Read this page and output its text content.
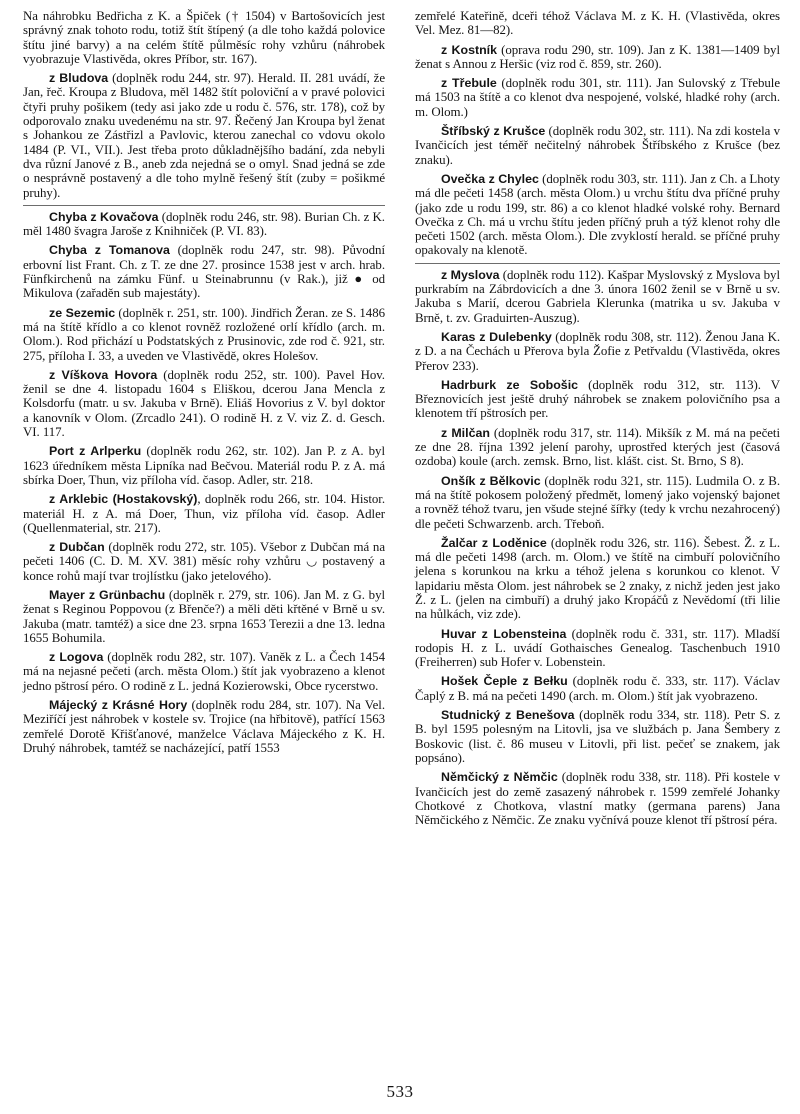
Na náhrobku Bedřicha z K. a Špiček († 1504) v Bartošovicích jest správný znak tohoto rodu, totiž štít štípený (a dle toho každá polovice štítu jiné barvy) a na celém štítě půlměsíc rohy vzhůru (náhrobek vyobrazuje Vlastivěda, okres Příbor, str. 167).

z Bludova (doplněk rodu 244, str. 97). Herald. II. 281 uvádí, že Jan, řeč. Kroupa z Bludova, měl 1482 štít poloviční a v pravé polovici čtyři pruhy pošikem (tedy asi jako zde u rodu č. 576, str. 178), což by odporovalo znaku uvedenému na str. 97. Řečený Jan Kroupa byl ženat s Johankou ze Zástřizl a Pavlovic, kterou zanechal co vdovu okolo 1484 (P. VI., VII.). Jest třeba proto důkladnějšího badání, zda nebyli dva různí Janové z B., aneb zda nejedná se o omyl. Snad jedná se zde o nesprávně postavený a dle toho mylně řešený štít (zuby = pošikmé pruhy).

Chyba z Kovačova (doplněk rodu 246, str. 98). Burian Ch. z K. měl 1480 švagra Jaroše z Knihniček (P. VI. 83).

Chyba z Tomanova (doplněk rodu 247, str. 98). Původní erbovní list Frant. Ch. z T. ze dne 27. prosince 1538 jest v arch. hrab. Fünfkirchenů na zámku Fünf. u Steinabrunnu (v Rak.), již ● od Mikulova (zařaděn sub majestáty).

ze Sezemic (doplněk r. 251, str. 100). Jindřich Žeran. ze S. 1486 má na štítě křídlo a co klenot rovněž rozložené orlí křídlo (arch. m. Olom.). Rod přichází u Podstatských z Prusinovic, zde rod č. 921, str. 275, příloha I. 33, a uveden ve Vlastivědě, okres Holešov.

z Víškova Hovora (doplněk rodu 252, str. 100). Pavel Hov. ženil se dne 4. listopadu 1604 s Eliškou, dcerou Jana Mencla z Kolsdorfu (matr. u sv. Jakuba v Brně). Eliáš Hovorius z V. byl doktor a kanovník v Olom. (Zrcadlo 241). O rodině H. z V. viz Z. d. Gesch. VI. 117.

Port z Arlperku (doplněk rodu 262, str. 102). Jan P. z A. byl 1623 úředníkem města Lipníka nad Bečvou. Materiál rodu P. z A. má sbírka Doer, Thun, viz příloha víd. časop. Adler, str. 218.

z Arklebic (Hostakovský), doplněk rodu 266, str. 104. Histor. materiál H. z A. má Doer, Thun, viz příloha víd. časop. Adler (Quellenmaterial, str. 217).

z Dubčan (doplněk rodu 272, str. 105). Všebor z Dubčan má na pečeti 1406 (C. D. M. XV. 381) měsíc rohy vzhůru ◡ postavený a konce rohů mají tvar trojlístku (jako jetelového).

Mayer z Grünbachu (doplněk r. 279, str. 106). Jan M. z G. byl ženat s Reginou Poppovou (z Břenče?) a měli děti křtěné v Brně u sv. Jakuba (matr. tamtéž) a sice dne 23. srpna 1653 Terezii a dne 13. ledna 1655 Bohumila.

z Logova (doplněk rodu 282, str. 107). Vaněk z L. a Čech 1454 má na nejasné pečeti (arch. města Olom.) štít jak vyobrazeno a klenot jedno pštrosí péro. O rodině z L. jedná Kozierowski, Obce rycerstwo.

Májecký z Krásné Hory (doplněk rodu 284, str. 107). Na Vel. Meziříčí jest náhrobek v kostele sv. Trojice (na hřbitově), patřící 1563 zemřelé Dorotě Křišťanové, manželce Václava Májeckého z K. H. Druhý náhrobek, tamtéž se nacházející, patří 1553

zemřelé Kateřině, dceři téhož Václava M. z K. H. (Vlastivěda, okres Vel. Mez. 81—82).

z Kostník (oprava rodu 290, str. 109). Jan z K. 1381—1409 byl ženat s Annou z Heršic (viz rod č. 859, str. 260).

z Třebule (doplněk rodu 301, str. 111). Jan Sulovský z Třebule má 1503 na štítě a co klenot dva nespojené, volské, hladké rohy (arch. m. Olom.)

Štříbský z Krušce (doplněk rodu 302, str. 111). Na zdi kostela v Ivančicích jest téměř nečitelný náhrobek Štříbského z Krušce (bez znaku).

Ovečka z Chylec (doplněk rodu 303, str. 111). Jan z Ch. a Lhoty má dle pečeti 1458 (arch. města Olom.) u vrchu štítu dva příčné pruhy (jako zde u rodu 199, str. 86) a co klenot hladké volské rohy. Bernard Ovečka z Ch. má u vrchu štítu jeden příčný pruh a týž klenot rohy dle pečeti 1502 (arch. města Olom.). Dle zvyklostí herald. se příčné pruhy opakovaly na klenotě.

z Myslova (doplněk rodu 112). Kašpar Myslovský z Myslova byl purkrabím na Zábrdovicích a dne 3. února 1602 ženil se v Brně u sv. Jakuba s Marií, dcerou Gabriela Klerunka (matrika u sv. Jakuba v Brně, t. zv. Graduirten-Auszug).

Karas z Dulebenky (doplněk rodu 308, str. 112). Ženou Jana K. z D. a na Čechách u Přerova byla Žofie z Petřvaldu (Vlastivěda, okres Přerov 233).

Hadrburk ze Sobošic (doplněk rodu 312, str. 113). V Březnovicích jest ještě druhý náhrobek se znakem polovičního psa a klenotem tří pštrosích per.

z Milčan (doplněk rodu 317, str. 114). Mikšík z M. má na pečeti ze dne 28. října 1392 jelení parohy, uprostřed kterých jest (časová ozdoba) koule (arch. zemsk. Brno, list. klášt. cist. St. Brno, S 8).

Onšík z Bělkovic (doplněk rodu 321, str. 115). Ludmila O. z B. má na štítě pokosem položený předmět, lomený jako vojenský bajonet a rovněž téhož tvaru, jen všude stejné šířky (tedy k vrchu nezahrocený) dle pečeti Schwarzenb. arch. Třeboň.

Žalčar z Loděnice (doplněk rodu 326, str. 116). Šebest. Ž. z L. má dle pečeti 1498 (arch. m. Olom.) ve štítě na cimbuří polovičního jelena s korunkou na krku a téhož jelena s korunkou co klenot. V lapidariu města Olom. jest náhrobek se 2 znaky, z nichž jeden jest jako Ž. z L. (jelen na cimbuří) a druhý jako Kropáčů z Nevědomí (tři lilie na hůlkách, viz zde).

Huvar z Lobensteina (doplněk rodu č. 331, str. 117). Mladší rodopis H. z L. uvádí Gothaisches Genealog. Taschenbuch 1910 (Freiherren) sub Hofer v. Lobenstein.

Hošek Čeple z Bełku (doplněk rodu č. 333, str. 117). Václav Čaplý z B. má na pečeti 1490 (arch. m. Olom.) štít jak vyobrazeno.

Studnický z Benešova (doplněk rodu 334, str. 118). Petr S. z B. byl 1595 polesným na Litovli, jsa ve službách p. Jana Šembery z Boskovic (list. č. 86 museu v Litovli, při list. pečeť se znakem, jak popsáno).

Němčický z Němčic (doplněk rodu 338, str. 118). Při kostele v Ivančicích jest do země zasazený náhrobek r. 1599 zemřelé Johanky Chotkové z Chotkova, vlastní matky (germana parens) Jana Němčického z Němčic. Ze znaku vyčnívá pouze klenot tří pštrosí péra.

533
